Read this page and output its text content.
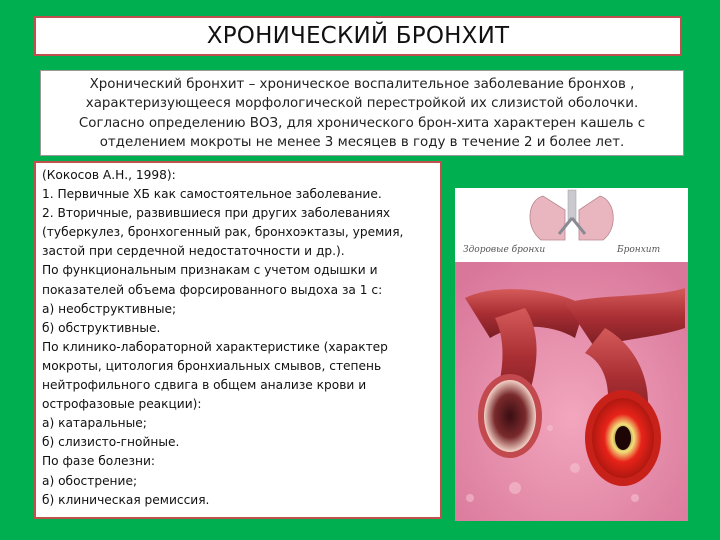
ХРОНИЧЕСКИЙ БРОНХИТ

Хронический бронхит – хроническое воспалительное заболевание бронхов ,

характеризующееся морфологической перестройкой их слизистой оболочки.

Согласно определению ВОЗ, для хронического брон-хита характерен кашель с

отделением мокроты не менее 3 месяцев в году в течение 2 и более лет.

(Кокосов А.Н., 1998):
1. Первичные ХБ как самостоятельное заболевание.
2. Вторичные, развившиеся при других заболеваниях
(туберкулез, бронхогенный рак, бронхоэктазы, уремия,
застой при сердечной недостаточности и др.).
По функциональным признакам с учетом одышки и
показателей объема форсированного выдоха за 1 с:
а) необструктивные;
б) обструктивные.
По клинико-лабораторной характеристике (характер
мокроты, цитология бронхиальных смывов, степень
нейтрофильного сдвига в общем анализе крови и
острофазовые реакции):
а) катаральные;
б) слизисто-гнойные.
По фазе болезни:
а) обострение;
б) клиническая ремиссия.
Здоровые бронхи	Бронхит
